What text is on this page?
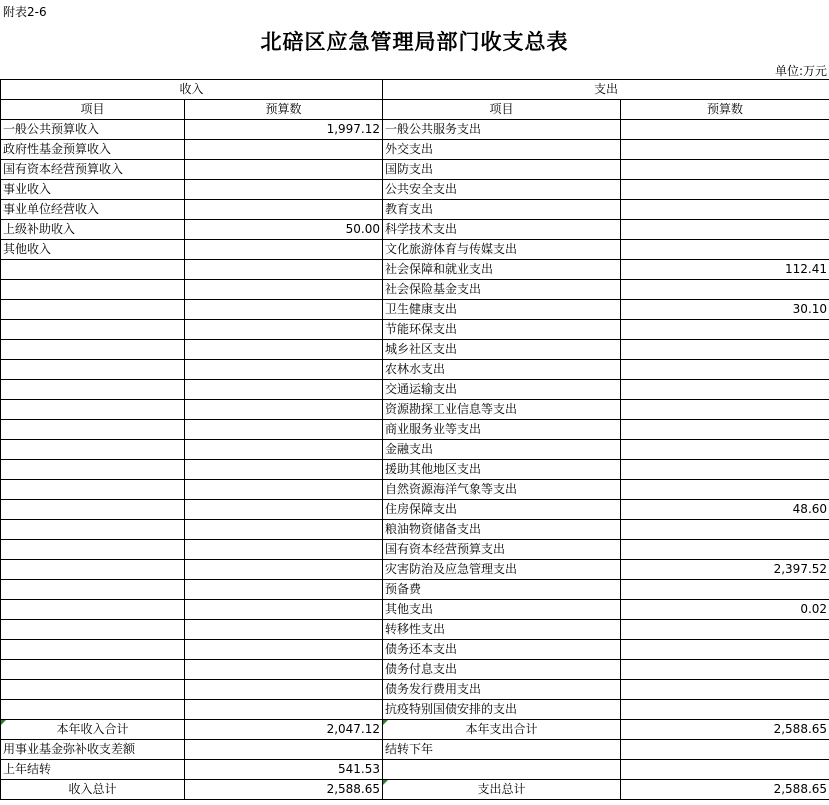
附表2-6
北碚区应急管理局部门收支总表
单位:万元
收入		支出	
项目	预算数	项目	预算数
一般公共预算收入	1,997.12	一般公共服务支出	
政府性基金预算收入		外交支出	
国有资本经营预算收入		国防支出	
事业收入		公共安全支出	
事业单位经营收入		教育支出	
上级补助收入	50.00	科学技术支出	
其他收入		文化旅游体育与传媒支出	
		社会保障和就业支出	112.41
		社会保险基金支出	
		卫生健康支出	30.10
		节能环保支出	
		城乡社区支出	
		农林水支出	
		交通运输支出	
		资源勘探工业信息等支出	
		商业服务业等支出	
		金融支出	
		援助其他地区支出	
		自然资源海洋气象等支出	
		住房保障支出	48.60
		粮油物资储备支出	
		国有资本经营预算支出	
		灾害防治及应急管理支出	2,397.52
		预备费	
		其他支出	0.02
		转移性支出	
		债务还本支出	
		债务付息支出	
		债务发行费用支出	
		抗疫特别国债安排的支出	
本年收入合计	2,047.12	本年支出合计	2,588.65
用事业基金弥补收支差额		结转下年	
上年结转	541.53		
收入总计	2,588.65	支出总计	2,588.65
